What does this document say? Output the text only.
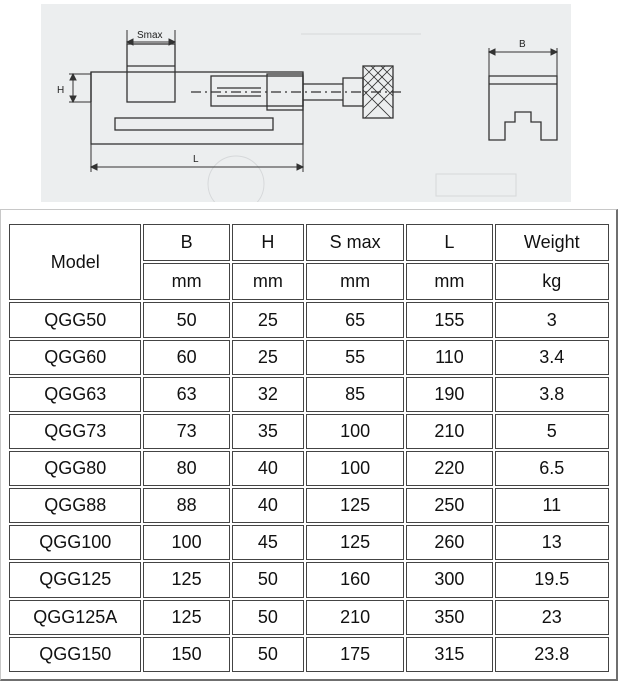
Smax
H
L
B
Model	B	H	S max	L	Weight
	mm	mm	mm	mm	kg
QGG50	50	25	65	155	3
QGG60	60	25	55	110	3.4
QGG63	63	32	85	190	3.8
QGG73	73	35	100	210	5
QGG80	80	40	100	220	6.5
QGG88	88	40	125	250	11
QGG100	100	45	125	260	13
QGG125	125	50	160	300	19.5
QGG125A	125	50	210	350	23
QGG150	150	50	175	315	23.8
